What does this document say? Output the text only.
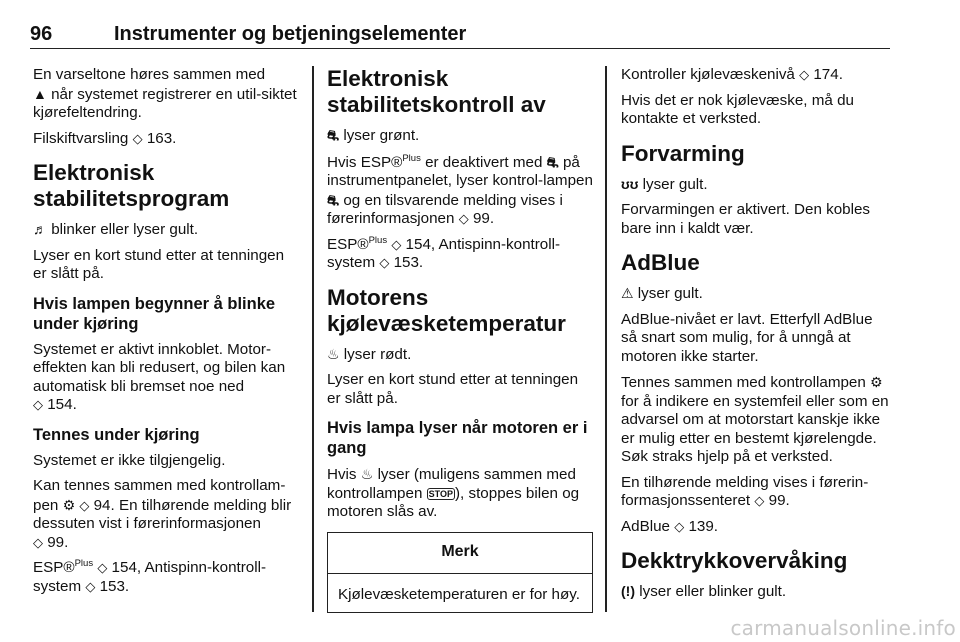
96	Instrumenter og betjeningselementer

En varseltone høres sammen med
▲ når systemet registrerer en util-siktet kjørefeltendring.

Filskiftvarsling ◇ 163.

Elektronisk stabilitetsprogram

♬ blinker eller lyser gult.

Lyser en kort stund etter at tenningen er slått på.

Hvis lampen begynner å blinke under kjøring

Systemet er aktivt innkoblet. Motor-effekten kan bli redusert, og bilen kan automatisk bli bremset noe ned
◇ 154.

Tennes under kjøring

Systemet er ikke tilgjengelig.

Kan tennes sammen med kontrollam-pen ⚙ ◇ 94. En tilhørende melding blir dessuten vist i førerinformasjonen
◇ 99.

ESP®$^{Plus}$ ◇ 154, Antispinn-kontroll-system ◇ 153.

Elektronisk stabilitetskontroll av

⛐ lyser grønt.

Hvis ESP®$^{Plus}$ er deaktivert med ⛐ på instrumentpanelet, lyser kontrol-lampen ⛐ og en tilsvarende melding vises i førerinformasjonen ◇ 99.

ESP®$^{Plus}$ ◇ 154, Antispinn-kontroll-system ◇ 153.

Motorens kjølevæsketemperatur

♨ lyser rødt.

Lyser en kort stund etter at tenningen er slått på.

Hvis lampa lyser når motoren er i gang

Hvis ♨ lyser (muligens sammen med kontrollampen STOP ), stoppes bilen og motoren slås av.

Merk
Kjølevæsketemperaturen er for høy.

Kontroller kjølevæskenivå ◇ 174.

Hvis det er nok kjølevæske, må du kontakte et verksted.

Forvarming

ʊʊ lyser gult.

Forvarmingen er aktivert. Den kobles bare inn i kaldt vær.

AdBlue

⚠ lyser gult.

AdBlue-nivået er lavt. Etterfyll AdBlue så snart som mulig, for å unngå at motoren ikke starter.

Tennes sammen med kontrollampen ⚙ for å indikere en systemfeil eller som en advarsel om at motorstart kanskje ikke er mulig etter en bestemt kjørelengde. Søk straks hjelp på et verksted.

En tilhørende melding vises i førerin-formasjonssenteret ◇ 99.

AdBlue ◇ 139.

Dekktrykkovervåking

(!) lyser eller blinker gult.

carmanualsonline.info
